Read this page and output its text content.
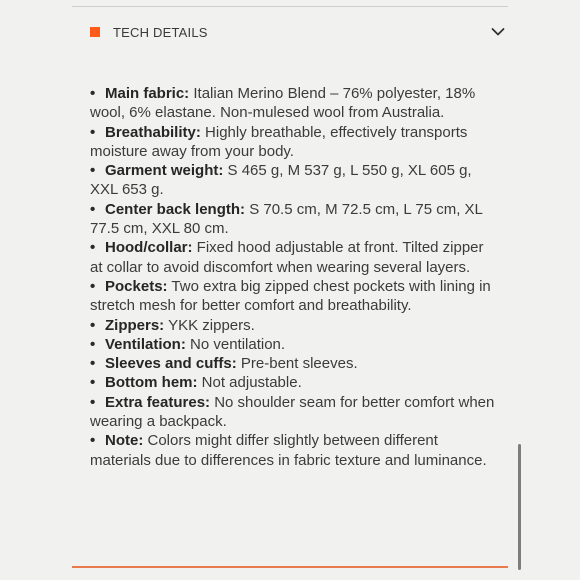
TECH DETAILS
• Main fabric: Italian Merino Blend – 76% polyester, 18% wool, 6% elastane. Non-mulesed wool from Australia.
• Breathability: Highly breathable, effectively transports moisture away from your body.
• Garment weight: S 465 g, M 537 g, L 550 g, XL 605 g, XXL 653 g.
• Center back length: S 70.5 cm, M 72.5 cm, L 75 cm, XL 77.5 cm, XXL 80 cm.
• Hood/collar: Fixed hood adjustable at front. Tilted zipper at collar to avoid discomfort when wearing several layers.
• Pockets: Two extra big zipped chest pockets with lining in stretch mesh for better comfort and breathability.
• Zippers: YKK zippers.
• Ventilation: No ventilation.
• Sleeves and cuffs: Pre-bent sleeves.
• Bottom hem: Not adjustable.
• Extra features: No shoulder seam for better comfort when wearing a backpack.
• Note: Colors might differ slightly between different materials due to differences in fabric texture and luminance.
